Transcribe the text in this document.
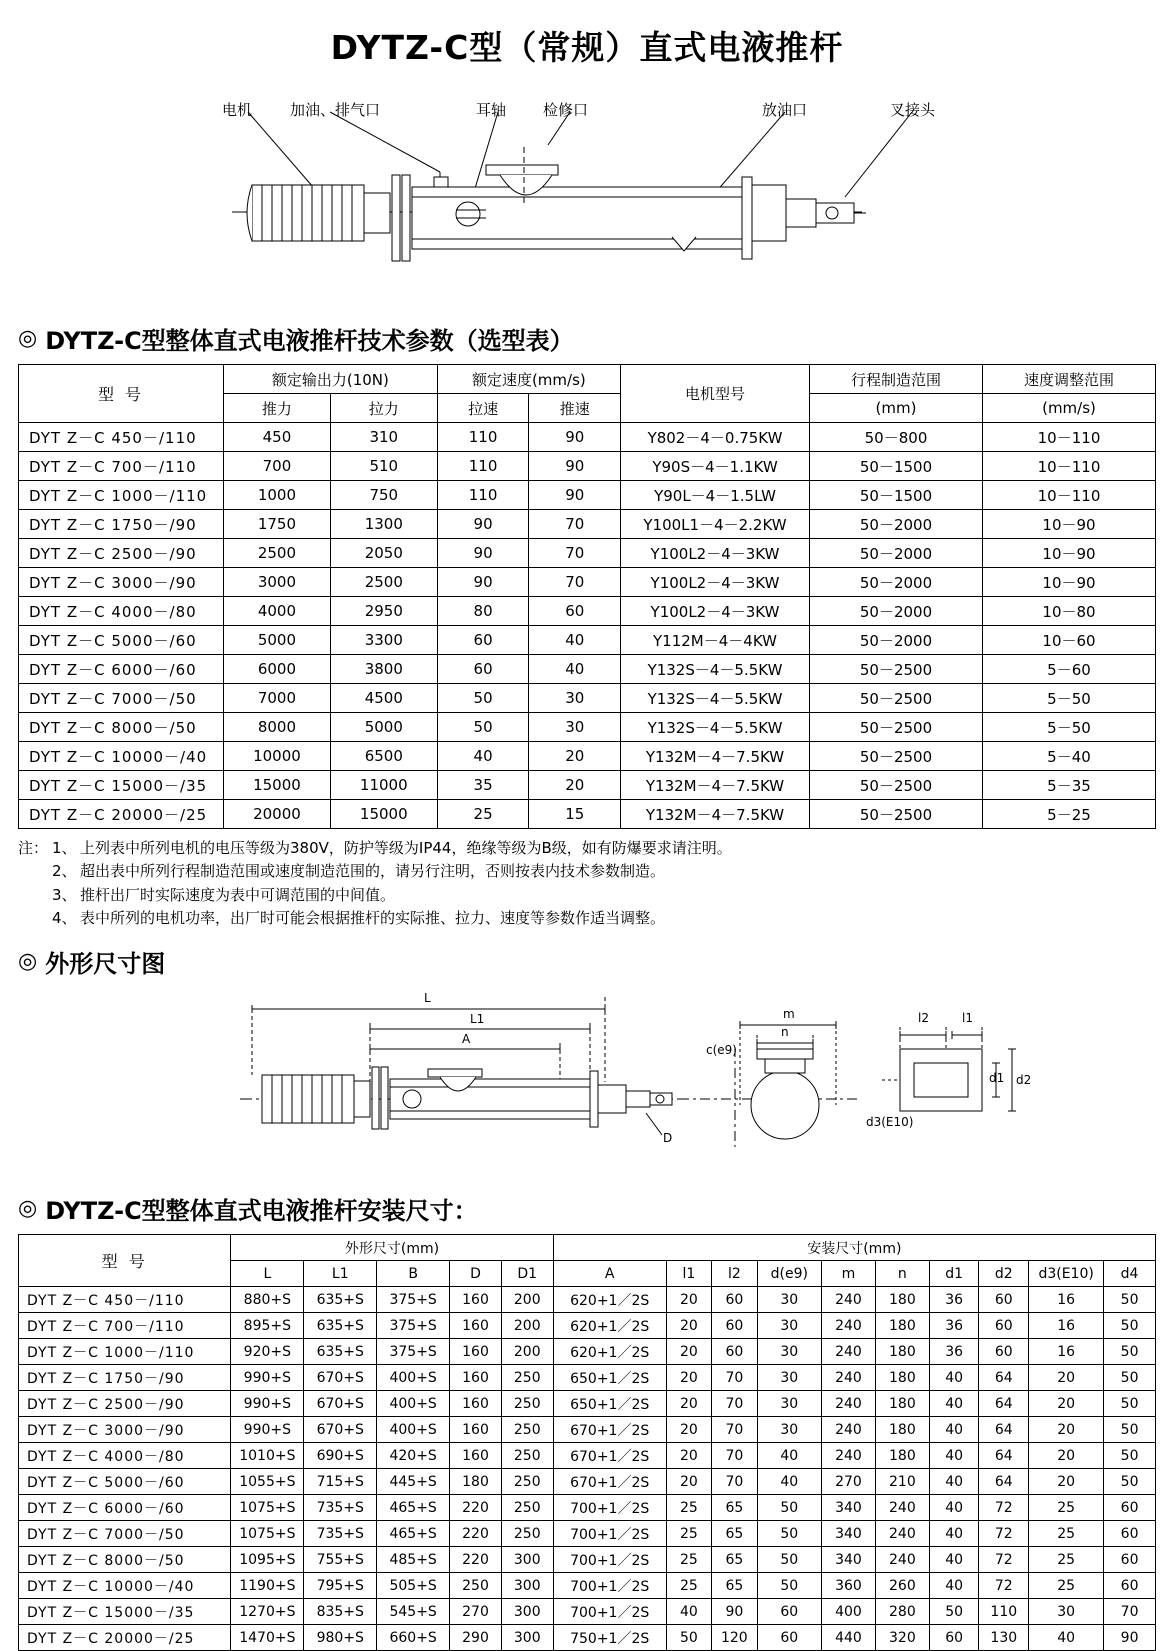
DYTZ-C型（常规）直式电液推杆
电机	加油、排气口	耳轴 检修口	放油口	叉接头
◎ DYTZ-C型整体直式电液推杆技术参数（选型表）
型 号	额定输出力(10N)		额定速度(mm/s)		电机型号	行程制造范围	速度调整范围
	推力	拉力	拉速	推速		(mm)	(mm/s)
DYT Z－C 450－/110	450	310	110	90	Y802－4－0.75KW	50－800	10－110
DYT Z－C 700－/110	700	510	110	90	Y90S－4－1.1KW	50－1500	10－110
DYT Z－C 1000－/110	1000	750	110	90	Y90L－4－1.5LW	50－1500	10－110
DYT Z－C 1750－/90	1750	1300	90	70	Y100L1－4－2.2KW	50－2000	10－90
DYT Z－C 2500－/90	2500	2050	90	70	Y100L2－4－3KW	50－2000	10－90
DYT Z－C 3000－/90	3000	2500	90	70	Y100L2－4－3KW	50－2000	10－90
DYT Z－C 4000－/80	4000	2950	80	60	Y100L2－4－3KW	50－2000	10－80
DYT Z－C 5000－/60	5000	3300	60	40	Y112M－4－4KW	50－2000	10－60
DYT Z－C 6000－/60	6000	3800	60	40	Y132S－4－5.5KW	50－2500	5－60
DYT Z－C 7000－/50	7000	4500	50	30	Y132S－4－5.5KW	50－2500	5－50
DYT Z－C 8000－/50	8000	5000	50	30	Y132S－4－5.5KW	50－2500	5－50
DYT Z－C 10000－/40	10000	6500	40	20	Y132M－4－7.5KW	50－2500	5－40
DYT Z－C 15000－/35	15000	11000	35	20	Y132M－4－7.5KW	50－2500	5－35
DYT Z－C 20000－/25	20000	15000	25	15	Y132M－4－7.5KW	50－2500	5－25
注： 1、 上列表中所列电机的电压等级为380V，防护等级为IP44，绝缘等级为B级，如有防爆要求请注明。
2、 超出表中所列行程制造范围或速度制造范围的，请另行注明，否则按表内技术参数制造。
3、 推杆出厂时实际速度为表中可调范围的中间值。
4、 表中所列的电机功率，出厂时可能会根据推杆的实际推、拉力、速度等参数作适当调整。
◎ 外形尺寸图
L
L1
A
D
m
n
c(e9)
l2	l1
d1 d2
d3(E10)
◎ DYTZ-C型整体直式电液推杆安装尺寸：
型 号	外形尺寸(mm)					安装尺寸(mm)									
	L	L1	B	D	D1	A	l1	l2	d(e9)	m	n	d1	d2	d3(E10)	d4
DYT Z－C 450－/110	880+S	635+S	375+S	160	200	620+1／2S	20	60	30	240	180	36	60	16	50
DYT Z－C 700－/110	895+S	635+S	375+S	160	200	620+1／2S	20	60	30	240	180	36	60	16	50
DYT Z－C 1000－/110	920+S	635+S	375+S	160	200	620+1／2S	20	60	30	240	180	36	60	16	50
DYT Z－C 1750－/90	990+S	670+S	400+S	160	250	650+1／2S	20	70	30	240	180	40	64	20	50
DYT Z－C 2500－/90	990+S	670+S	400+S	160	250	650+1／2S	20	70	30	240	180	40	64	20	50
DYT Z－C 3000－/90	990+S	670+S	400+S	160	250	670+1／2S	20	70	30	240	180	40	64	20	50
DYT Z－C 4000－/80	1010+S	690+S	420+S	160	250	670+1／2S	20	70	40	240	180	40	64	20	50
DYT Z－C 5000－/60	1055+S	715+S	445+S	180	250	670+1／2S	20	70	40	270	210	40	64	20	50
DYT Z－C 6000－/60	1075+S	735+S	465+S	220	250	700+1／2S	25	65	50	340	240	40	72	25	60
DYT Z－C 7000－/50	1075+S	735+S	465+S	220	250	700+1／2S	25	65	50	340	240	40	72	25	60
DYT Z－C 8000－/50	1095+S	755+S	485+S	220	300	700+1／2S	25	65	50	340	240	40	72	25	60
DYT Z－C 10000－/40	1190+S	795+S	505+S	250	300	700+1／2S	25	65	50	360	260	40	72	25	60
DYT Z－C 15000－/35	1270+S	835+S	545+S	270	300	700+1／2S	40	90	60	400	280	50	110	30	70
DYT Z－C 20000－/25	1470+S	980+S	660+S	290	300	750+1／2S	50	120	60	440	320	60	130	40	90
